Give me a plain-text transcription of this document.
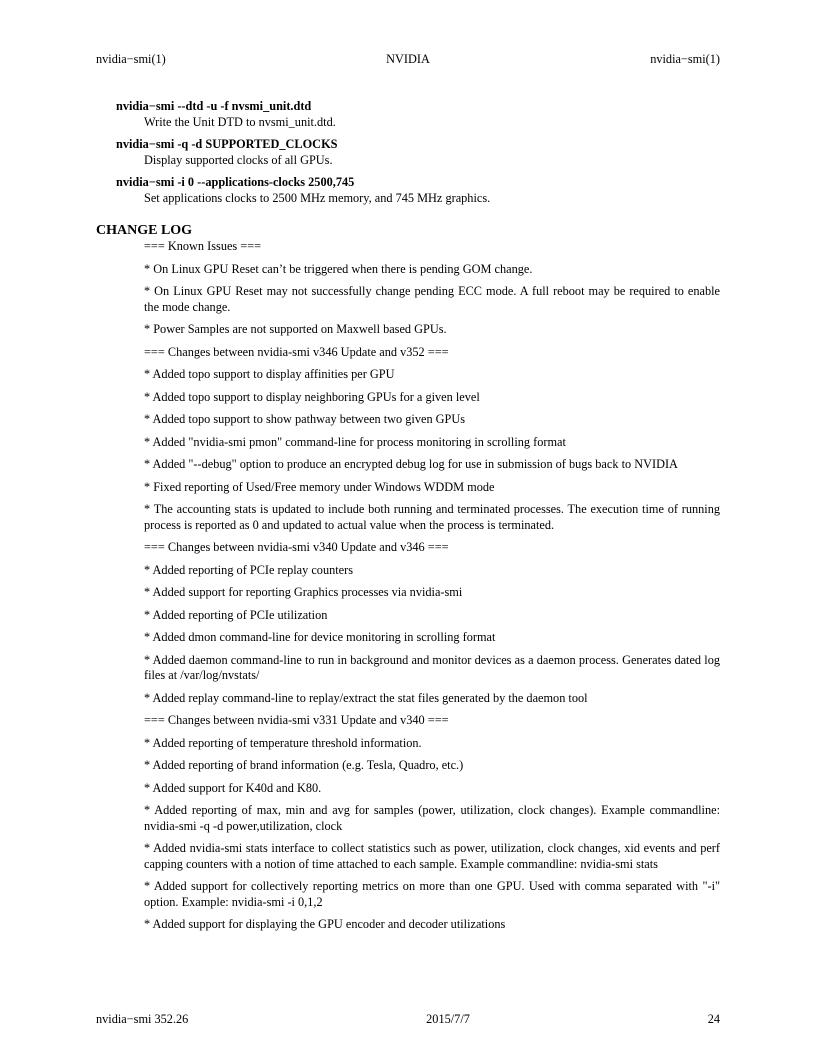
nvidia−smi(1)	NVIDIA	nvidia−smi(1)
nvidia−smi --dtd -u -f nvsmi_unit.dtd
Write the Unit DTD to nvsmi_unit.dtd.
nvidia−smi -q -d SUPPORTED_CLOCKS
Display supported clocks of all GPUs.
nvidia−smi -i 0 --applications-clocks 2500,745
Set applications clocks to 2500 MHz memory, and 745 MHz graphics.
CHANGE LOG

=== Known Issues ===

* On Linux GPU Reset can’t be triggered when there is pending GOM change.

* On Linux GPU Reset may not successfully change pending ECC mode. A full reboot may be required to enable the mode change.

* Power Samples are not supported on Maxwell based GPUs.

=== Changes between nvidia-smi v346 Update and v352 ===

* Added topo support to display affinities per GPU

* Added topo support to display neighboring GPUs for a given level

* Added topo support to show pathway between two given GPUs

* Added "nvidia-smi pmon" command-line for process monitoring in scrolling format

* Added "--debug" option to produce an encrypted debug log for use in submission of bugs back to NVIDIA

* Fixed reporting of Used/Free memory under Windows WDDM mode

* The accounting stats is updated to include both running and terminated processes. The execution time of running process is reported as 0 and updated to actual value when the process is terminated.

=== Changes between nvidia-smi v340 Update and v346 ===

* Added reporting of PCIe replay counters

* Added support for reporting Graphics processes via nvidia-smi

* Added reporting of PCIe utilization

* Added dmon command-line for device monitoring in scrolling format

* Added daemon command-line to run in background and monitor devices as a daemon process. Generates dated log files at /var/log/nvstats/

* Added replay command-line to replay/extract the stat files generated by the daemon tool

=== Changes between nvidia-smi v331 Update and v340 ===

* Added reporting of temperature threshold information.

* Added reporting of brand information (e.g. Tesla, Quadro, etc.)

* Added support for K40d and K80.

* Added reporting of max, min and avg for samples (power, utilization, clock changes). Example commandline: nvidia-smi -q -d power,utilization, clock

* Added nvidia-smi stats interface to collect statistics such as power, utilization, clock changes, xid events and perf capping counters with a notion of time attached to each sample. Example commandline: nvidia-smi stats

* Added support for collectively reporting metrics on more than one GPU. Used with comma separated with "-i" option. Example: nvidia-smi -i 0,1,2

* Added support for displaying the GPU encoder and decoder utilizations

nvidia−smi 352.26	2015/7/7	24
